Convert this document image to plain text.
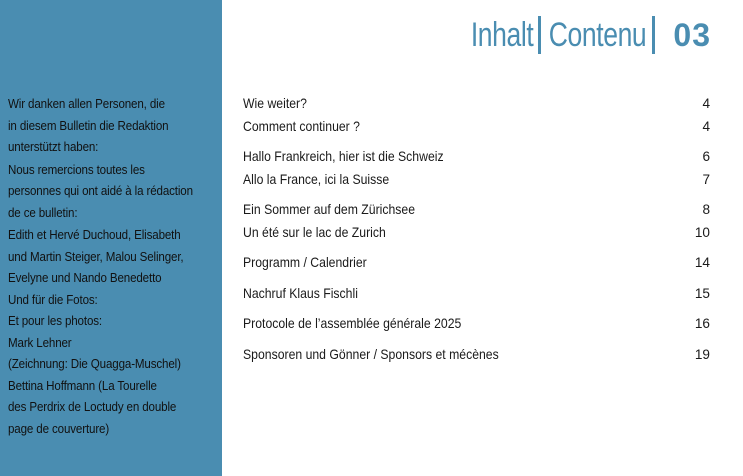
Wir danken allen Personen, die
in diesem Bulletin die Redaktion
unterstützt haben:
Nous remercions toutes les
personnes qui ont aidé à la rédaction
de ce bulletin:
Edith et Hervé Duchoud, Elisabeth
und Martin Steiger, Malou Selinger,
Evelyne und Nando Benedetto
Und für die Fotos:
Et pour les photos:
Mark Lehner
(Zeichnung: Die Quagga-Muschel)
Bettina Hoffmann (La Tourelle
des Perdrix de Loctudy en double
page de couverture)
Inhalt Contenu 03
Wie weiter?	4
Comment continuer ?	4
Hallo Frankreich, hier ist die Schweiz	6
Allo la France, ici la Suisse	7
Ein Sommer auf dem Zürichsee	8
Un été sur le lac de Zurich	10
Programm / Calendrier	14
Nachruf Klaus Fischli	15
Protocole de l’assemblée générale 2025	16
Sponsoren und Gönner / Sponsors et mécènes	19
